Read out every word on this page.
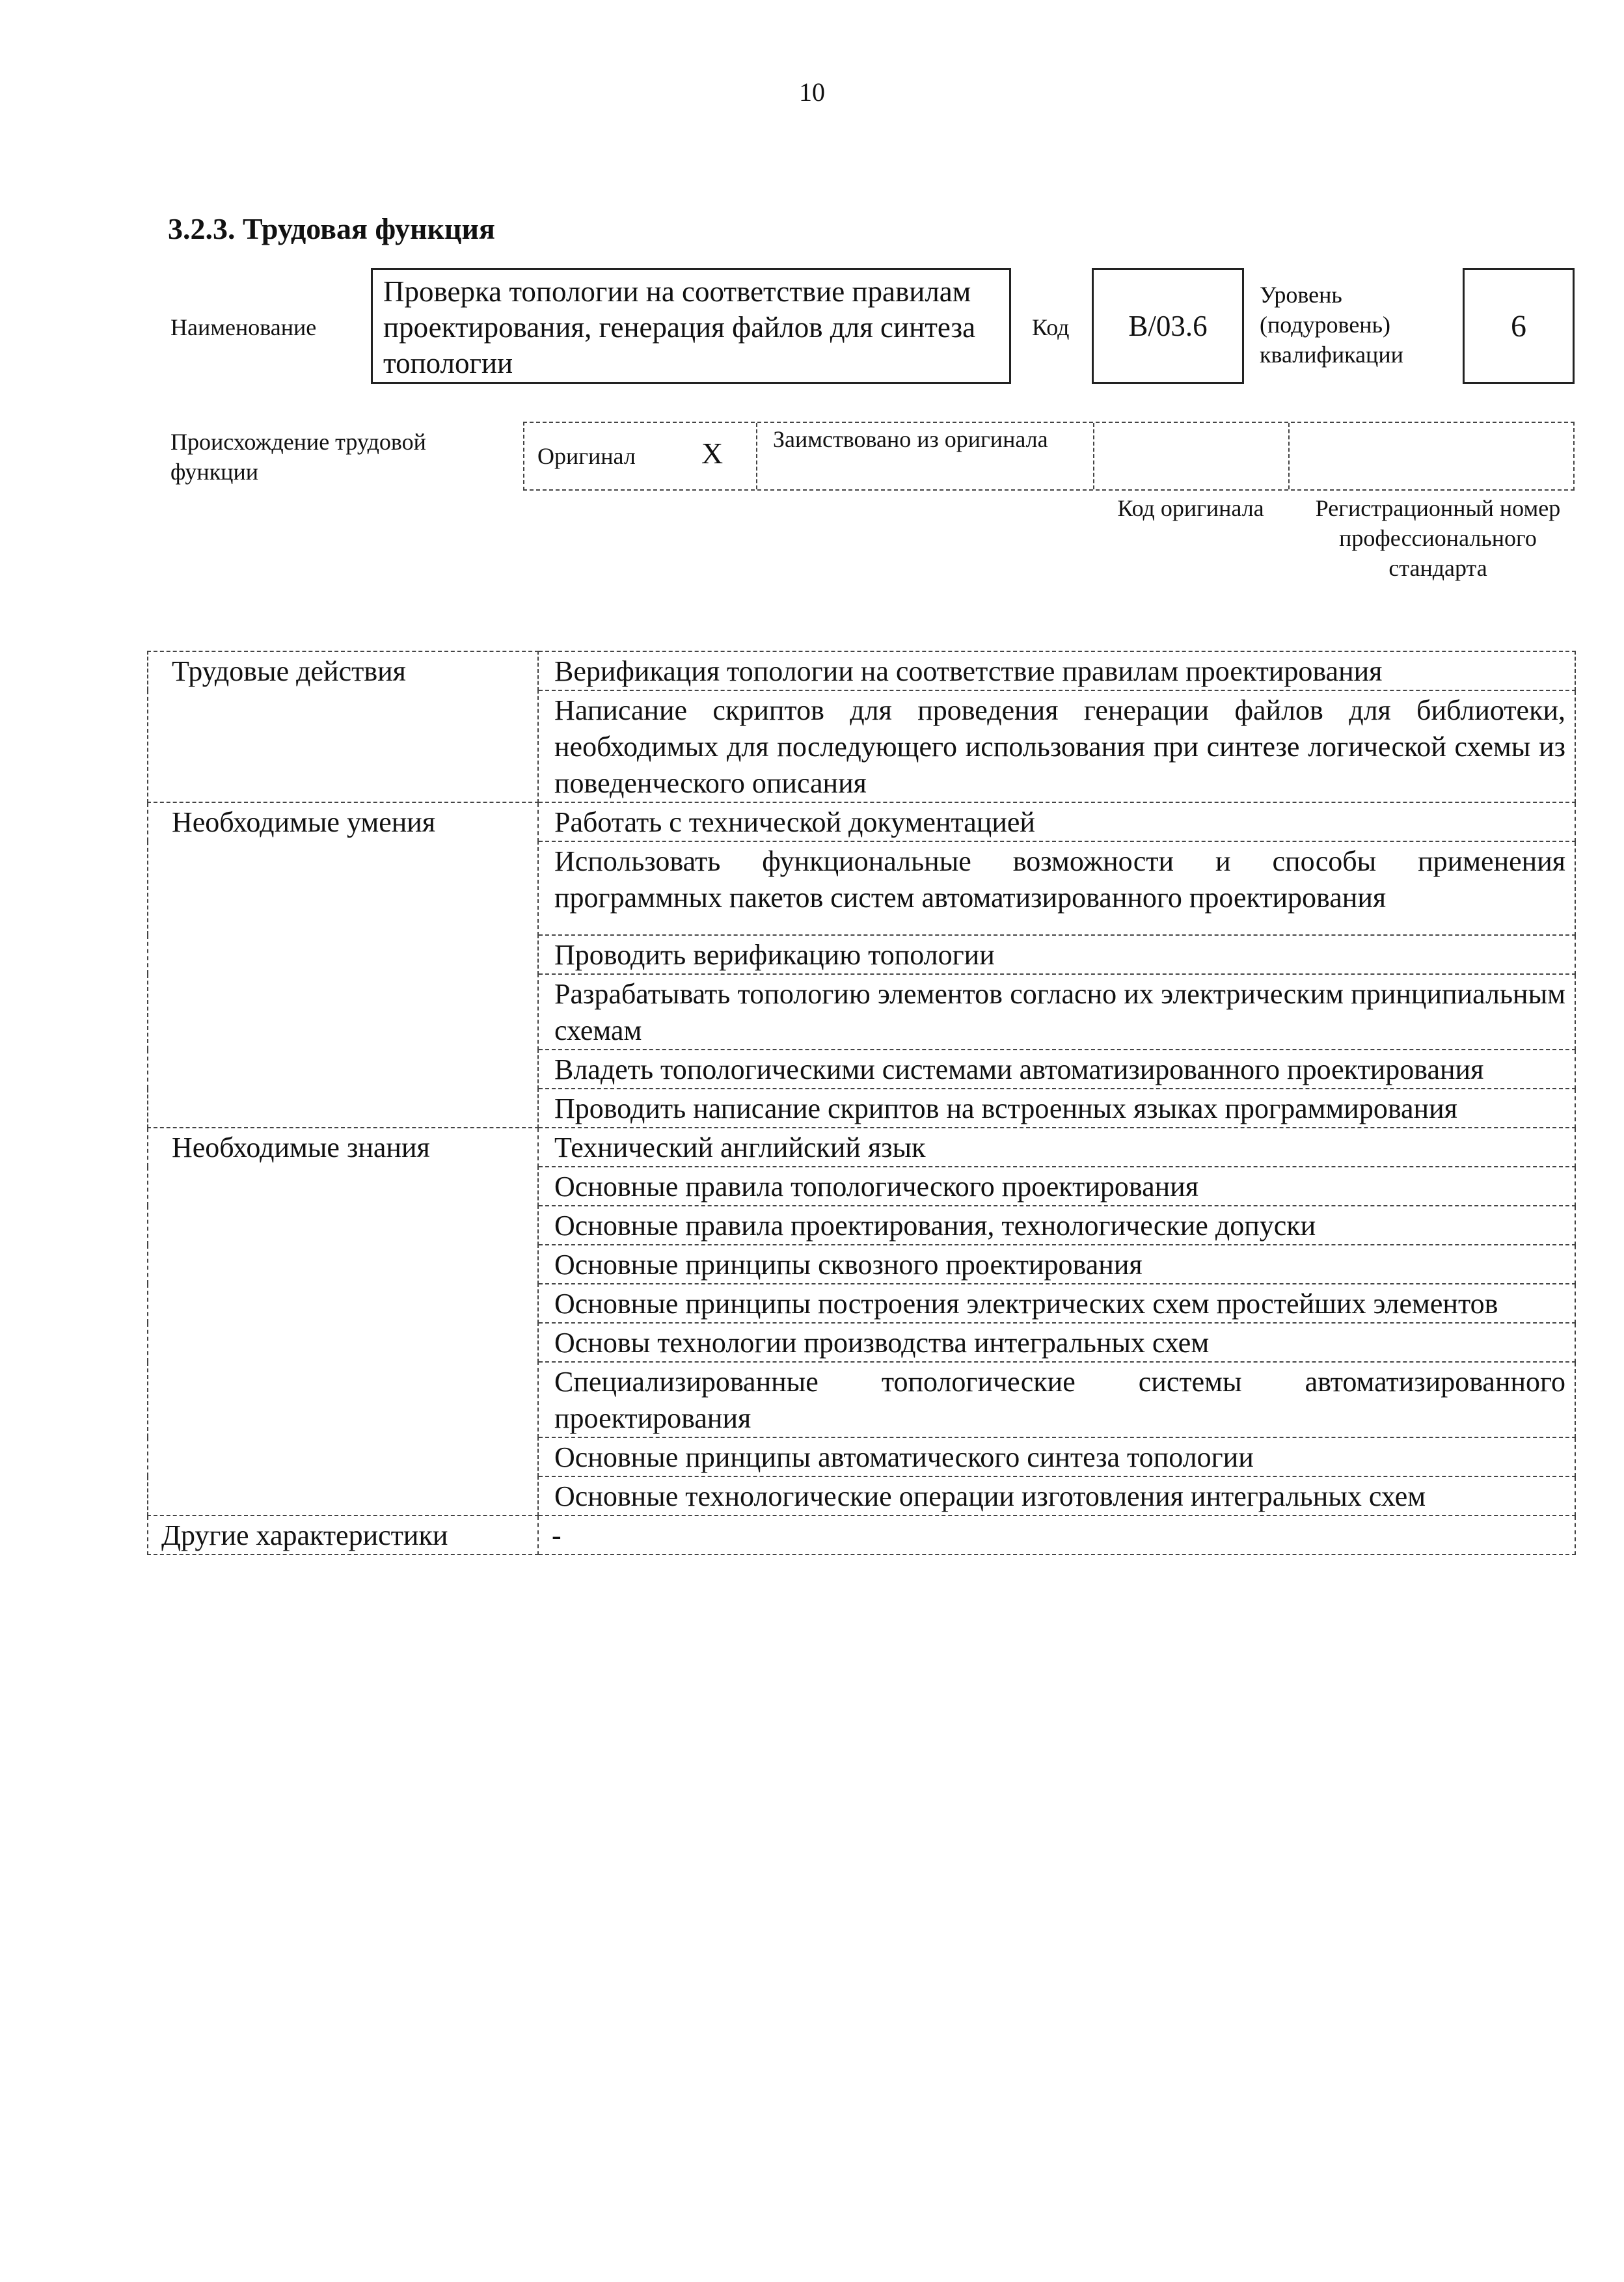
10
3.2.3. Трудовая функция
Наименование
Проверка топологии на соответствие правилам проектирования, генерация файлов для синтеза топологии
Код B/03.6
Уровень (подуровень) квалификации
6
Происхождение трудовой функции
Оригинал X Заимствовано из оригинала
Код оригинала	Регистрационный номер профессионального стандарта
Трудовые действия	Верификация топологии на соответствие правилам проектирования
	Написание скриптов для проведения генерации файлов для библиотеки, необходимых для последующего использования при синтезе логической схемы из поведенческого описания
Необходимые умения	Работать с технической документацией
	Использовать функциональные возможности и способы применения программных пакетов систем автоматизированного проектирования
	Проводить верификацию топологии
	Разрабатывать топологию элементов согласно их электрическим принципиальным схемам
	Владеть топологическими системами автоматизированного проектирования
	Проводить написание скриптов на встроенных языках программирования
Необходимые знания	Технический английский язык
	Основные правила топологического проектирования
	Основные правила проектирования, технологические допуски
	Основные принципы сквозного проектирования
	Основные принципы построения электрических схем простейших элементов
	Основы технологии производства интегральных схем
	Специализированные топологические системы автоматизированного проектирования
	Основные принципы автоматического синтеза топологии
	Основные технологические операции изготовления интегральных схем
Другие характеристики	-
